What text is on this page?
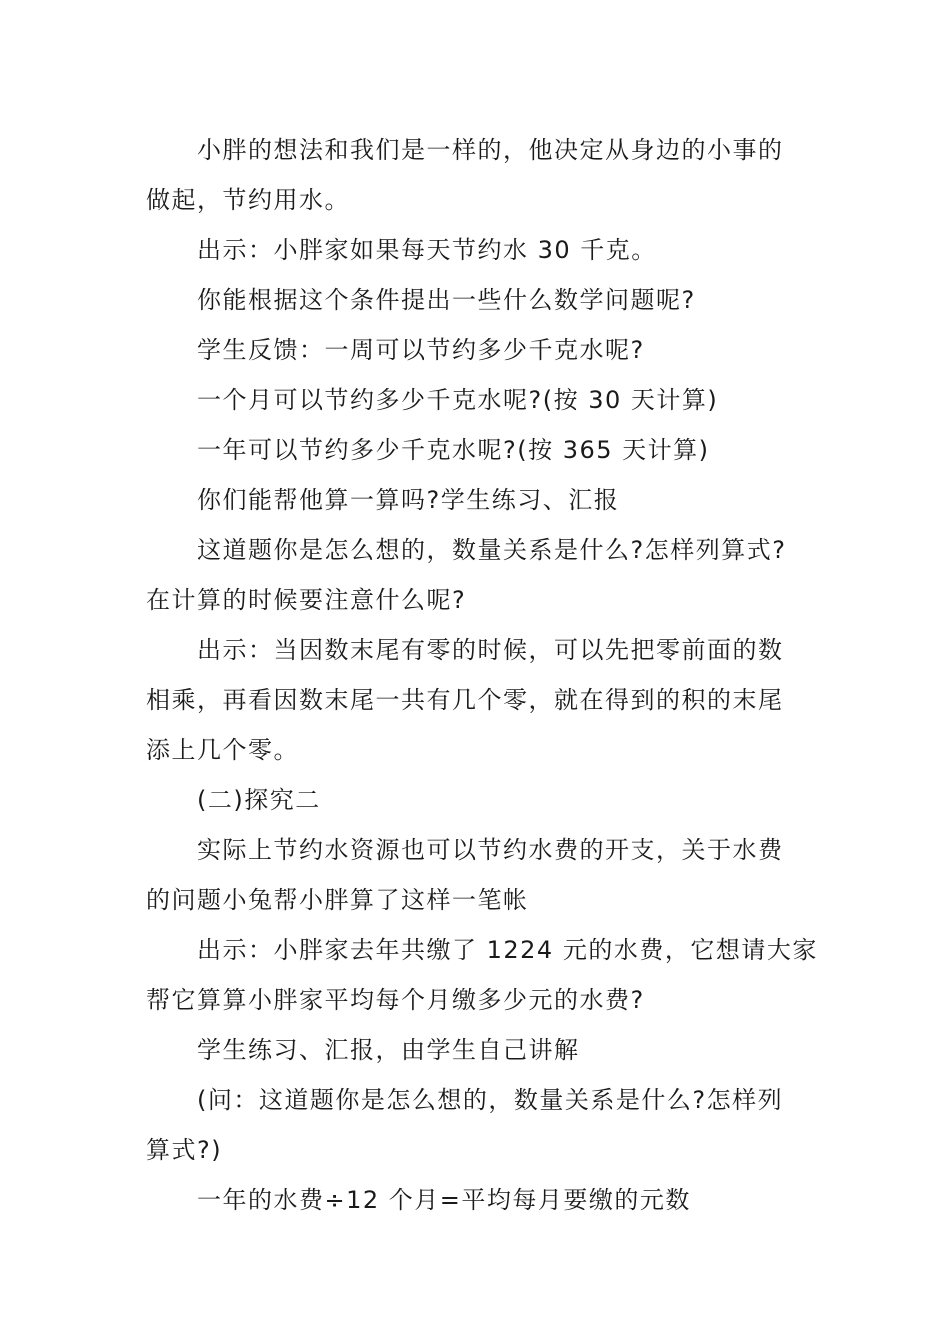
小胖的想法和我们是一样的，他决定从身边的小事的
做起，节约用水。
出示：小胖家如果每天节约水 30 千克。
你能根据这个条件提出一些什么数学问题呢?
学生反馈：一周可以节约多少千克水呢?
一个月可以节约多少千克水呢?(按 30 天计算)
一年可以节约多少千克水呢?(按 365 天计算)
你们能帮他算一算吗?学生练习、汇报
这道题你是怎么想的，数量关系是什么?怎样列算式?
在计算的时候要注意什么呢?
出示：当因数末尾有零的时候，可以先把零前面的数
相乘，再看因数末尾一共有几个零，就在得到的积的末尾
添上几个零。
(二)探究二
实际上节约水资源也可以节约水费的开支，关于水费
的问题小兔帮小胖算了这样一笔帐
出示：小胖家去年共缴了 1224 元的水费，它想请大家
帮它算算小胖家平均每个月缴多少元的水费?
学生练习、汇报，由学生自己讲解
(问：这道题你是怎么想的，数量关系是什么?怎样列
算式?)
一年的水费÷12 个月=平均每月要缴的元数
